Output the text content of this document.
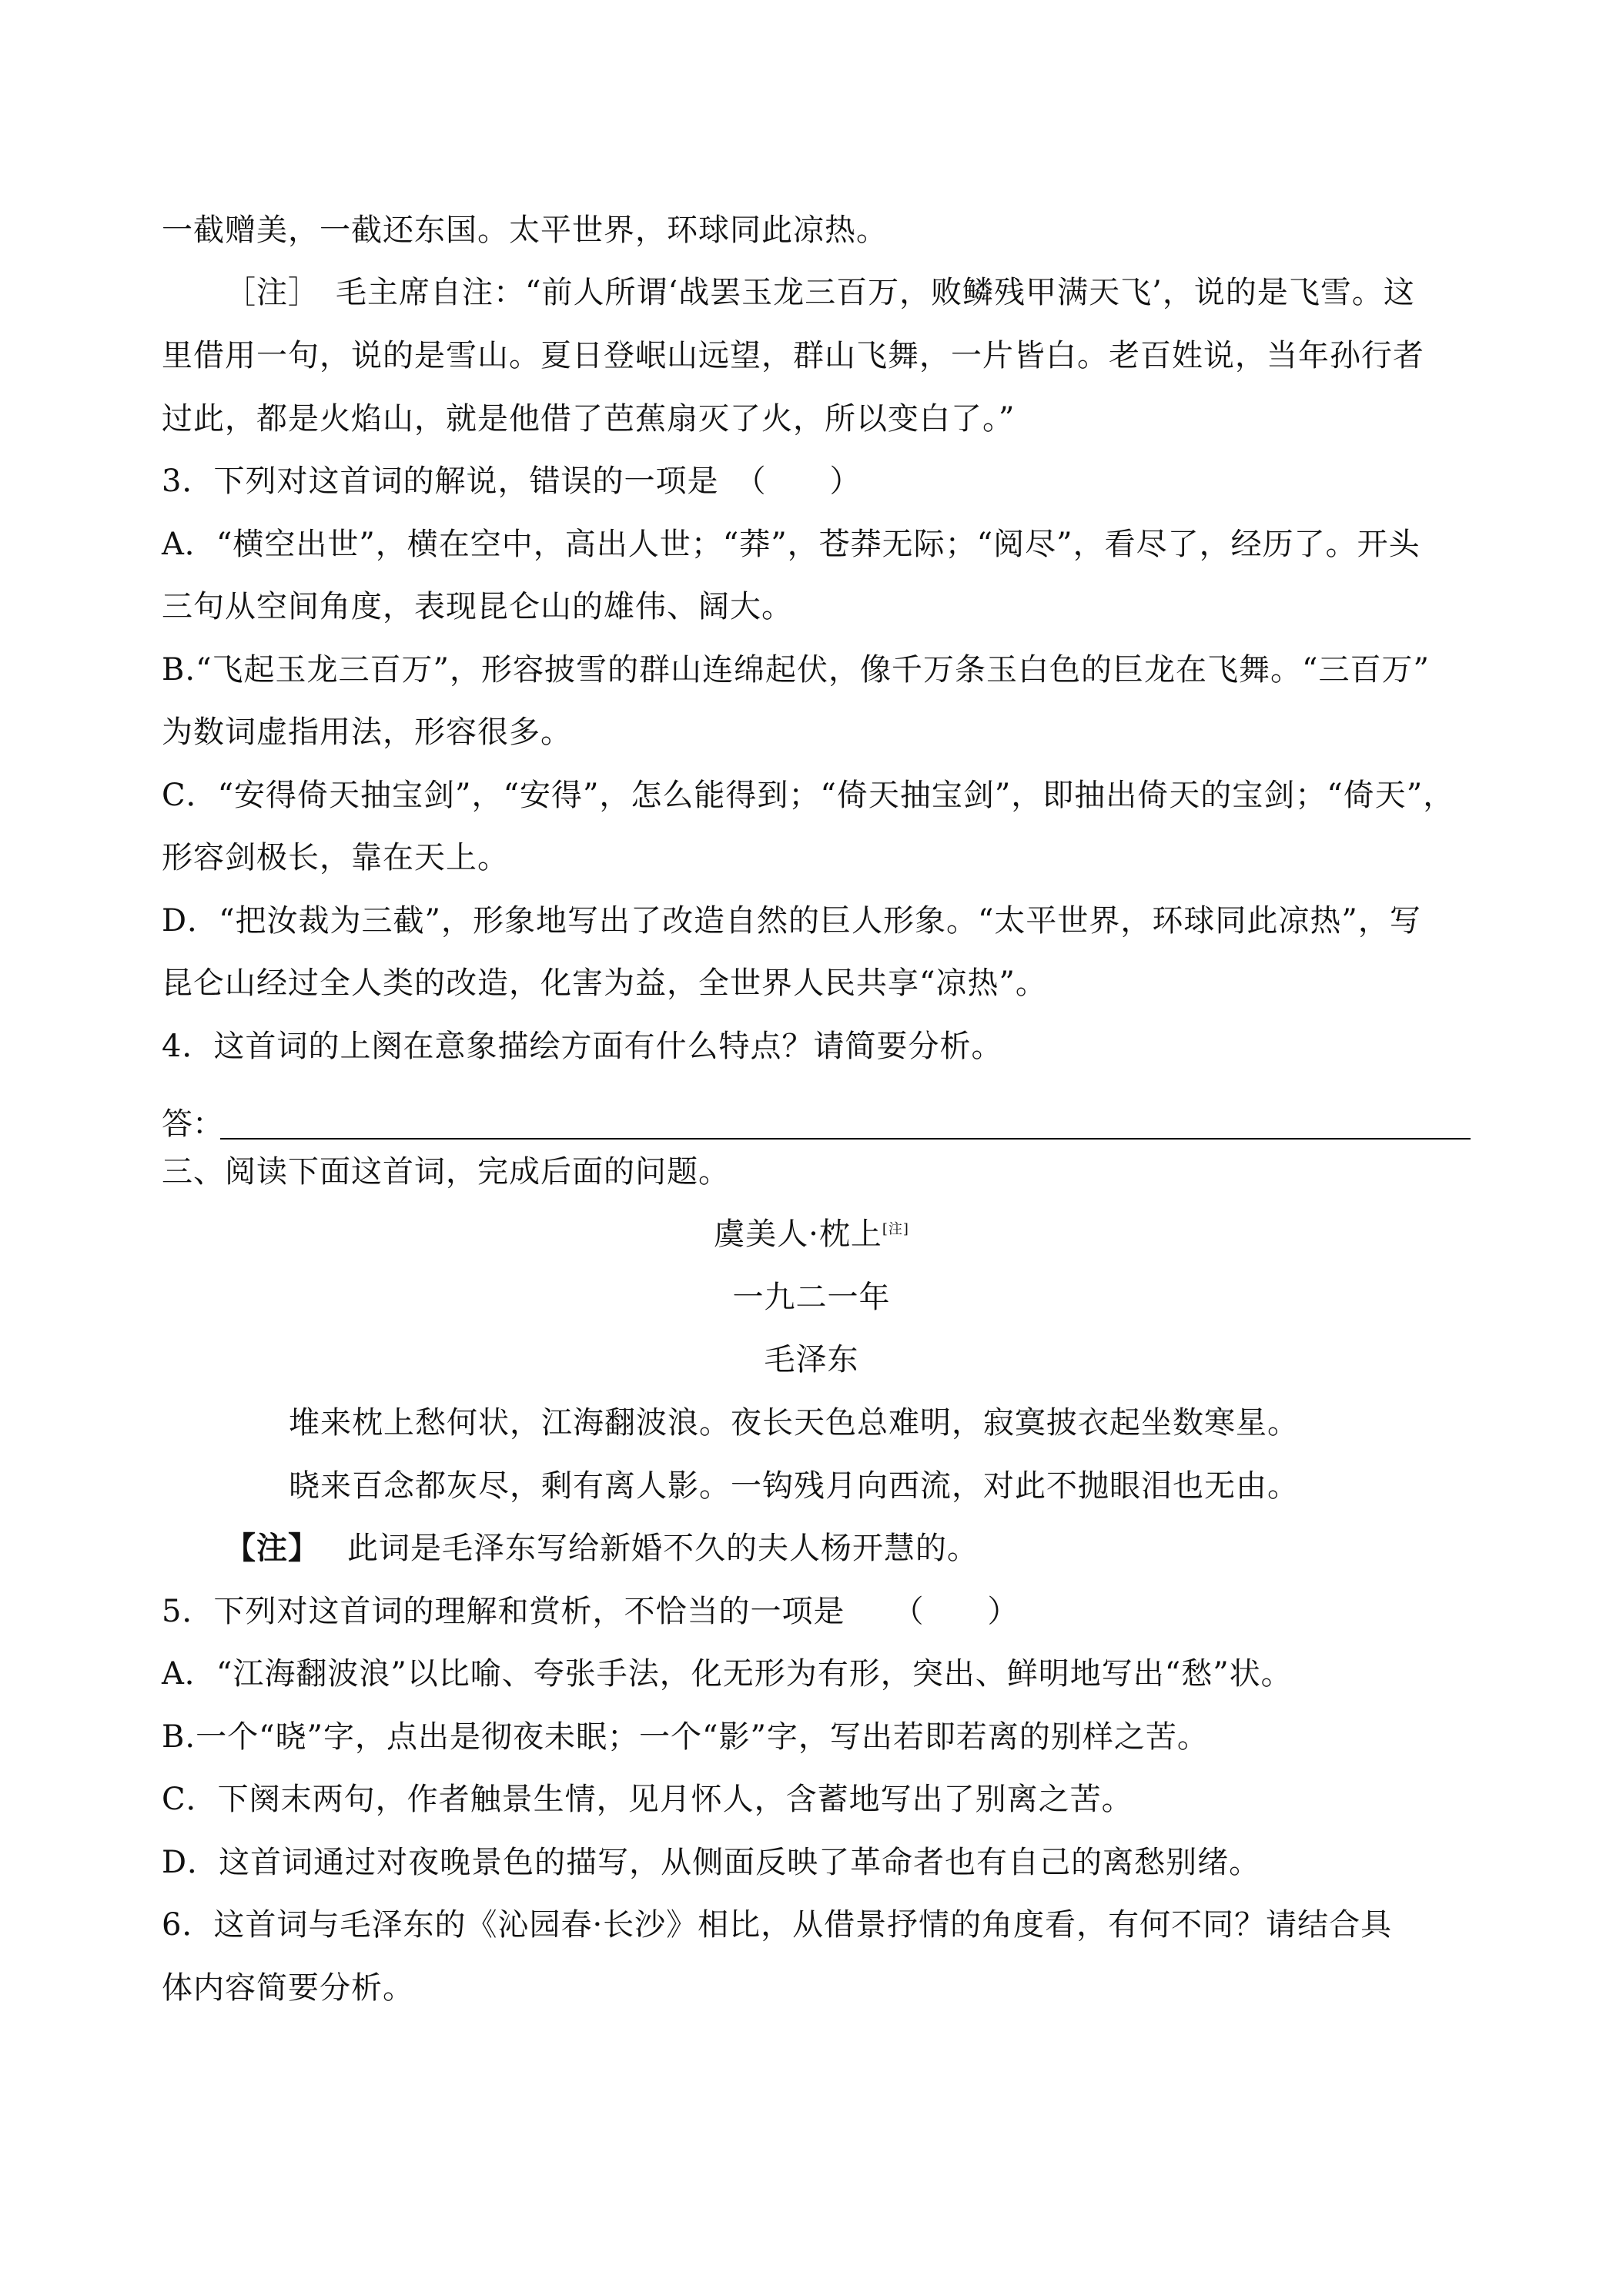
一截赠美，一截还东国。太平世界，环球同此凉热。
［注］　毛主席自注：“前人所谓‘战罢玉龙三百万，败鳞残甲满天飞’，说的是飞雪。这
里借用一句，说的是雪山。夏日登岷山远望，群山飞舞，一片皆白。老百姓说，当年孙行者
过此，都是火焰山，就是他借了芭蕉扇灭了火，所以变白了。”
3．下列对这首词的解说，错误的一项是　（　　）
A．“横空出世”，横在空中，高出人世；“莽”，苍莽无际；“阅尽”，看尽了，经历了。开头
三句从空间角度，表现昆仑山的雄伟、阔大。
B.“飞起玉龙三百万”，形容披雪的群山连绵起伏，像千万条玉白色的巨龙在飞舞。“三百万”
为数词虚指用法，形容很多。
C．“安得倚天抽宝剑”，“安得”，怎么能得到；“倚天抽宝剑”，即抽出倚天的宝剑；“倚天”，
形容剑极长，靠在天上。
D．“把汝裁为三截”，形象地写出了改造自然的巨人形象。“太平世界，环球同此凉热”，写
昆仑山经过全人类的改造，化害为益，全世界人民共享“凉热”。
4．这首词的上阕在意象描绘方面有什么特点？请简要分析。
答：
三、阅读下面这首词，完成后面的问题。
虞美人·枕上[注]
一九二一年
毛泽东
堆来枕上愁何状，江海翻波浪。夜长天色总难明，寂寞披衣起坐数寒星。
晓来百念都灰尽，剩有离人影。一钩残月向西流，对此不抛眼泪也无由。
【注】 此词是毛泽东写给新婚不久的夫人杨开慧的。
5．下列对这首词的理解和赏析，不恰当的一项是　　（　　）
A．“江海翻波浪”以比喻、夸张手法，化无形为有形，突出、鲜明地写出“愁”状。
B.一个“晓”字，点出是彻夜未眠；一个“影”字，写出若即若离的别样之苦。
C．下阕末两句，作者触景生情，见月怀人，含蓄地写出了别离之苦。
D．这首词通过对夜晚景色的描写，从侧面反映了革命者也有自己的离愁别绪。
6．这首词与毛泽东的《沁园春·长沙》相比，从借景抒情的角度看，有何不同？请结合具
体内容简要分析。
